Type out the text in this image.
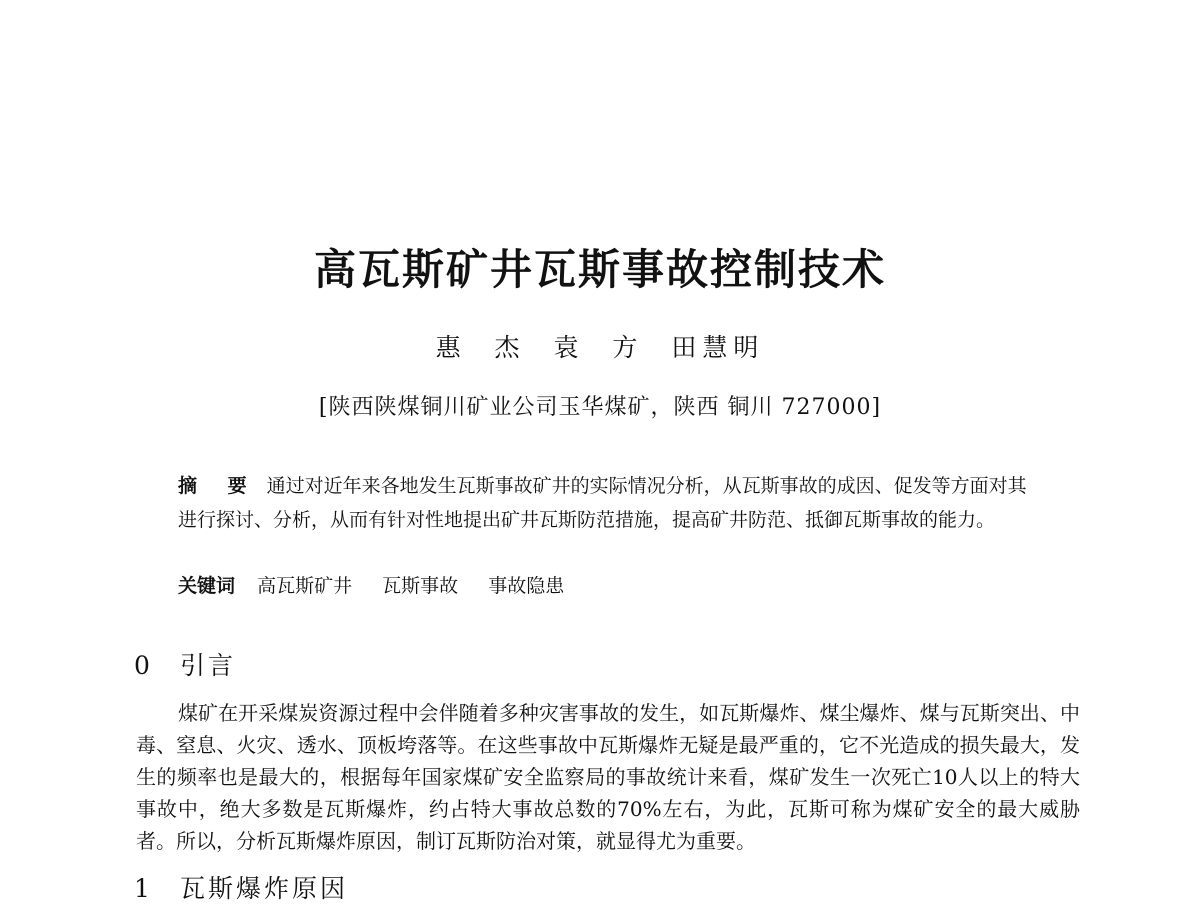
高瓦斯矿井瓦斯事故控制技术
惠 杰 袁 方 田慧明
[陕西陕煤铜川矿业公司玉华煤矿，陕西 铜川 727000]

摘 要 通过对近年来各地发生瓦斯事故矿井的实际情况分析，从瓦斯事故的成因、促发等方面对其进行探讨、分析，从而有针对性地提出矿井瓦斯防范措施，提高矿井防范、抵御瓦斯事故的能力。

关键词 高瓦斯矿井 瓦斯事故 事故隐患
0 引言

煤矿在开采煤炭资源过程中会伴随着多种灾害事故的发生，如瓦斯爆炸、煤尘爆炸、煤与瓦斯突出、中毒、窒息、火灾、透水、顶板垮落等。在这些事故中瓦斯爆炸无疑是最严重的，它不光造成的损失最大，发生的频率也是最大的，根据每年国家煤矿安全监察局的事故统计来看，煤矿发生一次死亡10人以上的特大事故中，绝大多数是瓦斯爆炸，约占特大事故总数的70%左右，为此，瓦斯可称为煤矿安全的最大威胁者。所以，分析瓦斯爆炸原因，制订瓦斯防治对策，就显得尤为重要。

1 瓦斯爆炸原因
